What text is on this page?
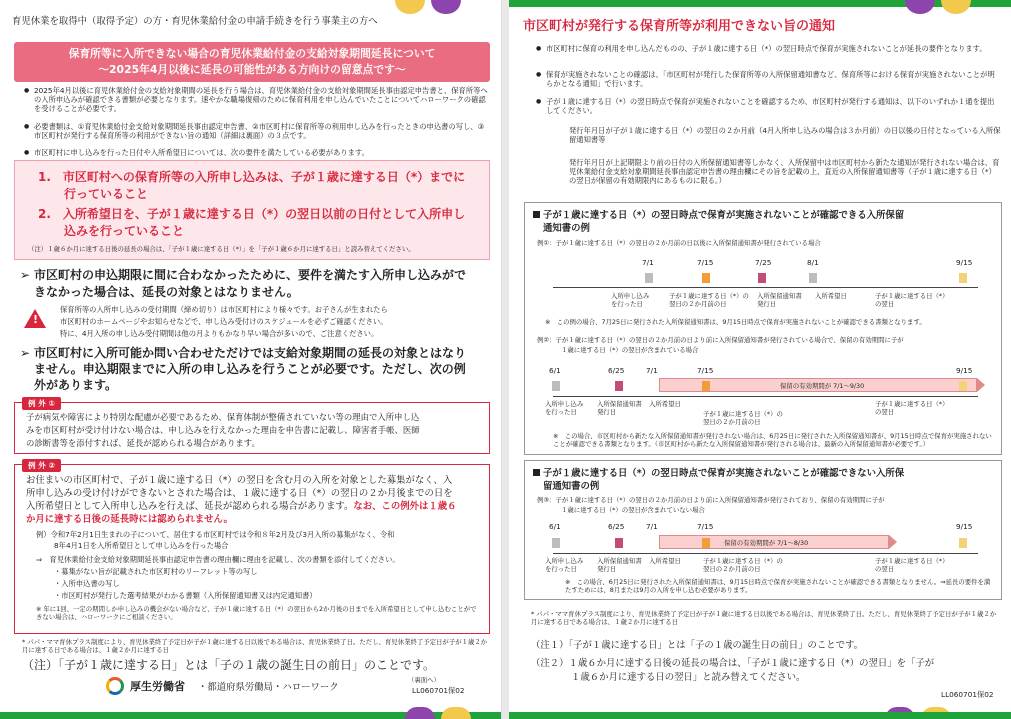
育児休業を取得中（取得予定）の方・育児休業給付金の申請手続きを行う事業主の方へ
保育所等に入所できない場合の育児休業給付金の支給対象期間延長について
～2025年4月以後に延長の可能性がある方向けの留意点です～
● 2025年4月以後に育児休業給付金の支給対象期間の延長を行う場合は、育児休業給付金の支給対象期間延長事由認定申告書と、保育所等への入所申込みが確認できる書類が必要となります。速やかな職場復帰のために保育利用を申し込んでいたことについてハローワークの確認を受けることが必要です。
● 必要書類は、①育児休業給付金支給対象期間延長事由認定申告書、②市区町村に保育所等の利用申し込みを行ったときの申込書の写し、③市区町村が発行する保育所等の利用ができない旨の通知（詳細は裏面）の３点です。
● 市区町村に申し込みを行った日付や入所希望日については、次の要件を満たしている必要があります。
1.　市区町村への保育所等の入所申し込みは、子が１歳に達する日（*）までに
行っていること
2.　入所希望日を、子が１歳に達する日（*）の翌日以前の日付として入所申し
込みを行っていること
（注）１歳６か月に達する日後の延長の場合は、「子が１歳に達する日（*）」を「子が１歳６か月に達する日」と読み替えてください。
➢ 市区町村の申込期限に間に合わなかったために、要件を満たす入所申し込みがで
きなかった場合は、延長の対象とはなりません。
!
保育所等の入所申し込みの受付期間（締め切り）は市区町村により様々です。お子さんが生まれたら
市区町村のホームページやお知らせなどで、申し込み受付けのスケジュールを必ずご確認ください。
特に、4月入所の申し込み受付期間は他の月よりもかなり早い場合が多いので、ご注意ください。
➢ 市区町村に入所可能か問い合わせただけでは支給対象期間の延長の対象とはなり
ません。申込期限までに入所の申し込みを行うことが必要です。ただし、次の例
外があります。
例 外 ①
子が病気や障害により特別な配慮が必要であるため、保育体制が整備されていない等の理由で入所申し込
みを市区町村が受け付けない場合は、申し込みを行えなかった理由を申告書に記載し、障害者手帳、医師
の診断書等を添付すれば、延長が認められる場合があります。
例 外 ②
お住まいの市区町村で、子が１歳に達する日（*）の翌日を含む月の入所を対象とした募集がなく、入
所申し込みの受け付けができないとされた場合は、１歳に達する日（*）の翌日の２か月後までの日を
入所希望日として入所申し込みを行えば、延長が認められる場合があります。なお、この例外は１歳６
か月に達する日後の延長時には認められません。
例）令和7年2月1日生まれの子について、居住する市区町村では令和８年2月及び3月入所の募集がなく、令和
8年4月1日を入所希望日として申し込みを行った場合
⇒　育児休業給付金支給対象期間延長事由認定申告書の理由欄に理由を記載し、次の書類を添付してください。
・募集がない旨が記載された市区町村のリーフレット等の写し
・入所申込書の写し
・市区町村が発行した選考結果がわかる書類（入所保留通知書又は内定通知書）
※ 年に1回、一定の期間しか申し込みの機会がない場合など、子が１歳に達する日（*）の翌日から2か月後の日までを入所希望日として申し込むことができない場合は、ハローワークにご相談ください。
* パパ・ママ育休プラス制度により、育児休業終了予定日が子が１歳に達する日以後である場合は、育児休業終了日。ただし、育児休業終了予定日が子が１歳２か月に達する日である場合は、１歳２か月に達する日
（注）「子が１歳に達する日」とは「子の１歳の誕生日の前日」のことです。
（裏面へ）
厚生労働省 ・都道府県労働局・ハローワーク	LL060701保02
市区町村が発行する保育所等が利用できない旨の通知
● 市区町村に保育の利用を申し込んだものの、子が１歳に達する日（*）の翌日時点で保育が実施されないことが延長の要件となります。
● 保育が実施されないことの確認は、「市区町村が発行した保育所等の入所保留通知書など、保育所等における保育が実施されないことが明らかとなる通知」で行います。
● 子が１歳に達する日（*）の翌日時点で保育が実施されないことを確認するため、市区町村が発行する通知は、以下のいずれか１通を提出してください。
発行年月日が子が１歳に達する日（*）の翌日の２か月前（4月入所申し込みの場合は３か月前）の日以後の日付となっている入所保留通知書等
発行年月日が上記期限より前の日付の入所保留通知書等しかなく、入所保留中は市区町村から新たな通知が発行されない場合は、育児休業給付金支給対象期間延長事由認定申告書の理由欄にその旨を記載の上、直近の入所保留通知書等（子が１歳に達する日（*）の翌日が保留の有効期限内にあるものに限る。）
子が１歳に達する日（*）の翌日時点で保育が実施されないことが確認できる入所保留
通知書の例
例①：子が１歳に達する日（*）の翌日の２か月前の日以後に入所保留通知書が発行されている場合
7/1	7/15	7/25	8/1	9/15
入所申し込み
を行った日
子が１歳に達する日（*）の
翌日の２か月前の日
入所保留通知書
発行日
入所希望日	子が１歳に達する日（*）
の翌日
※　この例の場合、7月25日に発行された入所保留通知書は、9月15日時点で保育が実施されないことが確認できる書類となります。
例②：子が１歳に達する日（*）の翌日の２か月前の日より前に入所保留通知書が発行されている場合で、保留の有効期間に子が
１歳に達する日（*）の翌日が含まれている場合
保留の有効期間が 7/1～9/30
6/1	6/25	7/1	7/15	9/15
入所申し込み
を行った日
入所保留通知書
発行日
入所希望日
子が１歳に達する日（*）の
翌日の２か月前の日
子が１歳に達する日（*）
の翌日
※　この場合、市区町村から新たな入所保留通知書が発行されない場合は、6月25日に発行された入所保留通知書が、9月15日時点で保育が実施されないことが確認できる書類となります。（市区町村から新たな入所保留通知書が発行される場合は、最新の入所保留通知書が必要です。）
子が１歳に達する日（*）の翌日時点で保育が実施されないことが確認できない入所保
留通知書の例
例③：子が１歳に達する日（*）の翌日の２か月前の日より前に入所保留通知書が発行されており、保留の有効期間に子が
１歳に達する日（*）の翌日が含まれていない場合
保留の有効期間が 7/1～8/30
6/1	6/25	7/1	7/15	9/15
入所申し込み
を行った日
入所保留通知書
発行日
入所希望日	子が１歳に達する日（*）の
翌日の２か月前の日
子が１歳に達する日（*）
の翌日
※　この場合、6月25日に発行された入所保留通知書は、9月15日時点で保育が実施されないことが確認できる書類となりません。⇒延長の要件を満たすためには、8月または9月の入所を申し込む必要があります。
* パパ・ママ育休プラス制度により、育児休業終了予定日が子が１歳に達する日以後である場合は、育児休業終了日。ただし、育児休業終了予定日が子が１歳２か月に達する日である場合は、１歳２か月に達する日
（注１）「子が１歳に達する日」とは「子の１歳の誕生日の前日」のことです。
（注２）１歳６か月に達する日後の延長の場合は、「子が１歳に達する日（*）の翌日」を「子が
１歳６か月に達する日の翌日」と読み替えてください。
LL060701保02
